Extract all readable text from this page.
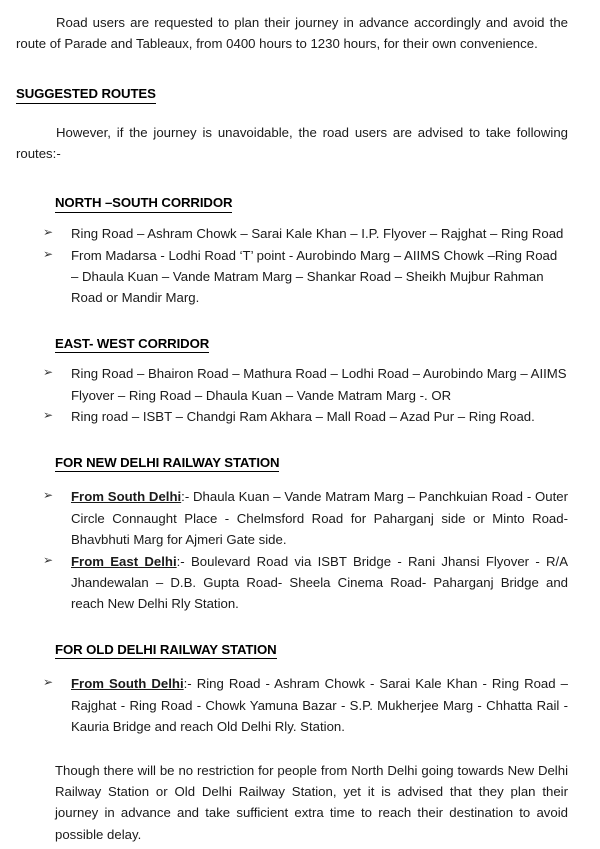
Road users are requested to plan their journey in advance accordingly and avoid the route of Parade and Tableaux, from 0400 hours to 1230 hours, for their own convenience.

SUGGESTED ROUTES

However, if the journey is unavoidable, the road users are advised to take following routes:-

NORTH –SOUTH CORRIDOR
➢ Ring Road – Ashram Chowk – Sarai Kale Khan – I.P. Flyover – Rajghat – Ring Road
➢ From Madarsa - Lodhi Road ‘T’ point - Aurobindo Marg – AIIMS Chowk –Ring Road – Dhaula Kuan – Vande Matram Marg – Shankar Road – Sheikh Mujbur Rahman Road or Mandir Marg.
EAST- WEST CORRIDOR
➢ Ring Road – Bhairon Road – Mathura Road – Lodhi Road – Aurobindo Marg – AIIMS Flyover – Ring Road – Dhaula Kuan – Vande Matram Marg -. OR
➢ Ring road – ISBT – Chandgi Ram Akhara – Mall Road – Azad Pur – Ring Road.
FOR NEW DELHI RAILWAY STATION
➢ From South Delhi:- Dhaula Kuan – Vande Matram Marg – Panchkuian Road - Outer Circle Connaught Place - Chelmsford Road for Paharganj side or Minto Road-Bhavbhuti Marg for Ajmeri Gate side.
➢ From East Delhi:- Boulevard Road via ISBT Bridge - Rani Jhansi Flyover - R/A Jhandewalan – D.B. Gupta Road- Sheela Cinema Road- Paharganj Bridge and reach New Delhi Rly Station.
FOR OLD DELHI RAILWAY STATION
➢ From South Delhi:- Ring Road - Ashram Chowk - Sarai Kale Khan - Ring Road – Rajghat - Ring Road - Chowk Yamuna Bazar - S.P. Mukherjee Marg - Chhatta Rail - Kauria Bridge and reach Old Delhi Rly. Station.

Though there will be no restriction for people from North Delhi going towards New Delhi Railway Station or Old Delhi Railway Station, yet it is advised that they plan their journey in advance and take sufficient extra time to reach their destination to avoid possible delay.
